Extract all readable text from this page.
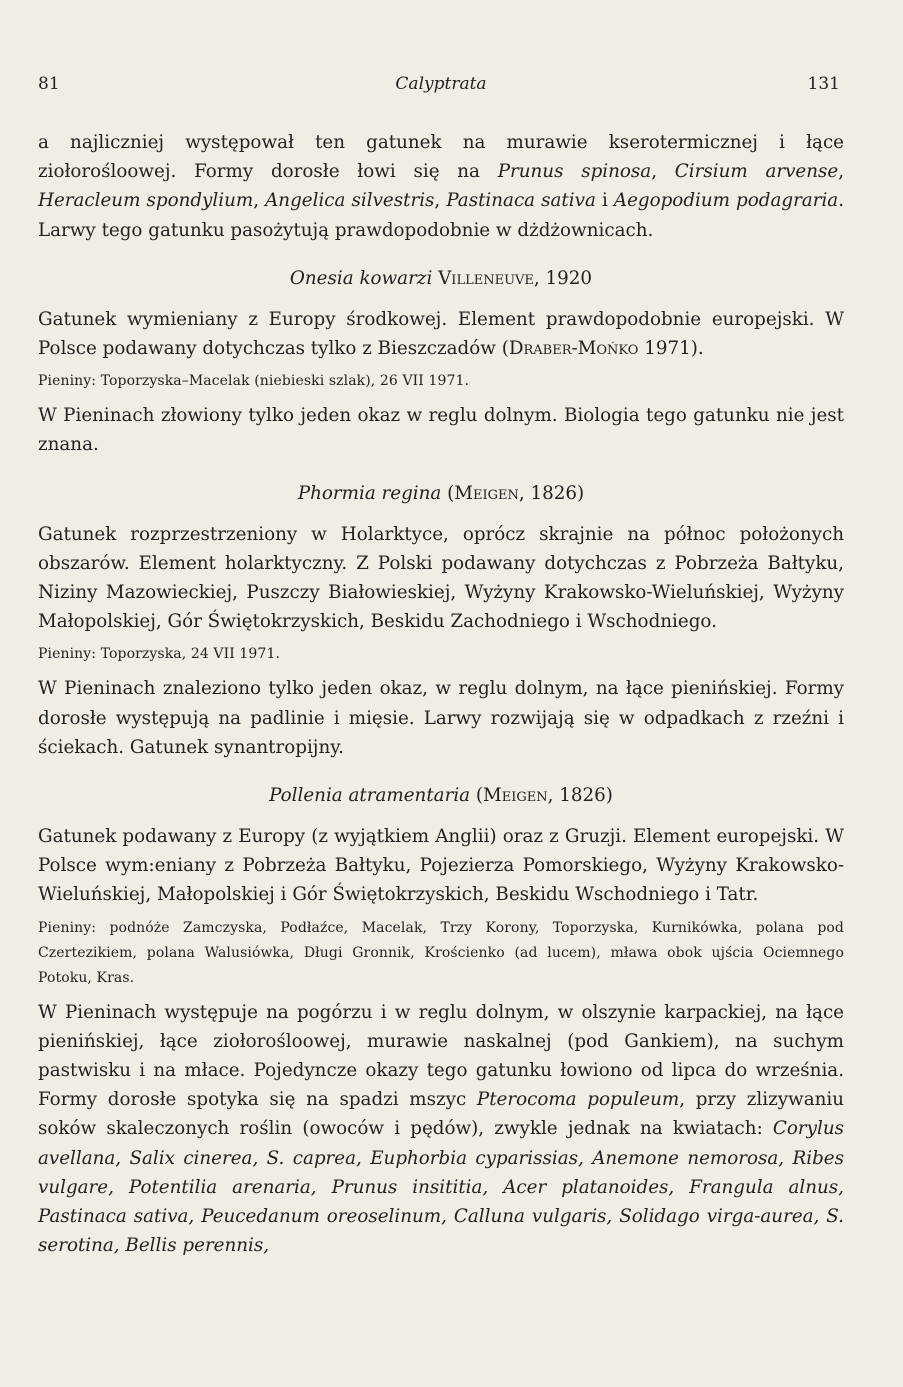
81	Calyptrata	131

a najliczniej występował ten gatunek na murawie kserotermicznej i łące ziołorośloowej. Formy dorosłe łowi się na Prunus spinosa, Cirsium arvense, Heracleum spondylium, Angelica silvestris, Pastinaca sativa i Aegopodium podagraria. Larwy tego gatunku pasożytują prawdopodobnie w dżdżownicach.

Onesia kowarzi Villeneuve, 1920

Gatunek wymieniany z Europy środkowej. Element prawdopodobnie europejski. W Polsce podawany dotychczas tylko z Bieszczadów (Draber-Mońko 1971).

Pieniny: Toporzyska–Macelak (niebieski szlak), 26 VII 1971.

W Pieninach złowiony tylko jeden okaz w reglu dolnym. Biologia tego gatunku nie jest znana.

Phormia regina (Meigen, 1826)

Gatunek rozprzestrzeniony w Holarktyce, oprócz skrajnie na północ położonych obszarów. Element holarktyczny. Z Polski podawany dotychczas z Pobrzeża Bałtyku, Niziny Mazowieckiej, Puszczy Białowieskiej, Wyżyny Krakowsko-Wieluńskiej, Wyżyny Małopolskiej, Gór Świętokrzyskich, Beskidu Zachodniego i Wschodniego.

Pieniny: Toporzyska, 24 VII 1971.

W Pieninach znaleziono tylko jeden okaz, w reglu dolnym, na łące pienińskiej. Formy dorosłe występują na padlinie i mięsie. Larwy rozwijają się w odpadkach z rzeźni i ściekach. Gatunek synantropijny.

Pollenia atramentaria (Meigen, 1826)

Gatunek podawany z Europy (z wyjątkiem Anglii) oraz z Gruzji. Element europejski. W Polsce wym:eniany z Pobrzeża Bałtyku, Pojezierza Pomorskiego, Wyżyny Krakowsko-Wieluńskiej, Małopolskiej i Gór Świętokrzyskich, Beskidu Wschodniego i Tatr.

Pieniny: podnóże Zamczyska, Podłaźce, Macelak, Trzy Korony, Toporzyska, Kurnikówka, polana pod Czertezikiem, polana Walusiówka, Długi Gronnik, Krościenko (ad lucem), mława obok ujścia Ociemnego Potoku, Kras.

W Pieninach występuje na pogórzu i w reglu dolnym, w olszynie karpackiej, na łące pienińskiej, łące ziołorośloowej, murawie naskalnej (pod Gankiem), na suchym pastwisku i na młace. Pojedyncze okazy tego gatunku łowiono od lipca do września. Formy dorosłe spotyka się na spadzi mszyc Pterocoma populeum, przy zlizywaniu soków skaleczonych roślin (owoców i pędów), zwykle jednak na kwiatach: Corylus avellana, Salix cinerea, S. caprea, Euphorbia cyparissias, Anemone nemorosa, Ribes vulgare, Potentilia arenaria, Prunus insititia, Acer platanoides, Frangula alnus, Pastinaca sativa, Peucedanum oreoselinum, Calluna vulgaris, Solidago virga-aurea, S. serotina, Bellis perennis,
